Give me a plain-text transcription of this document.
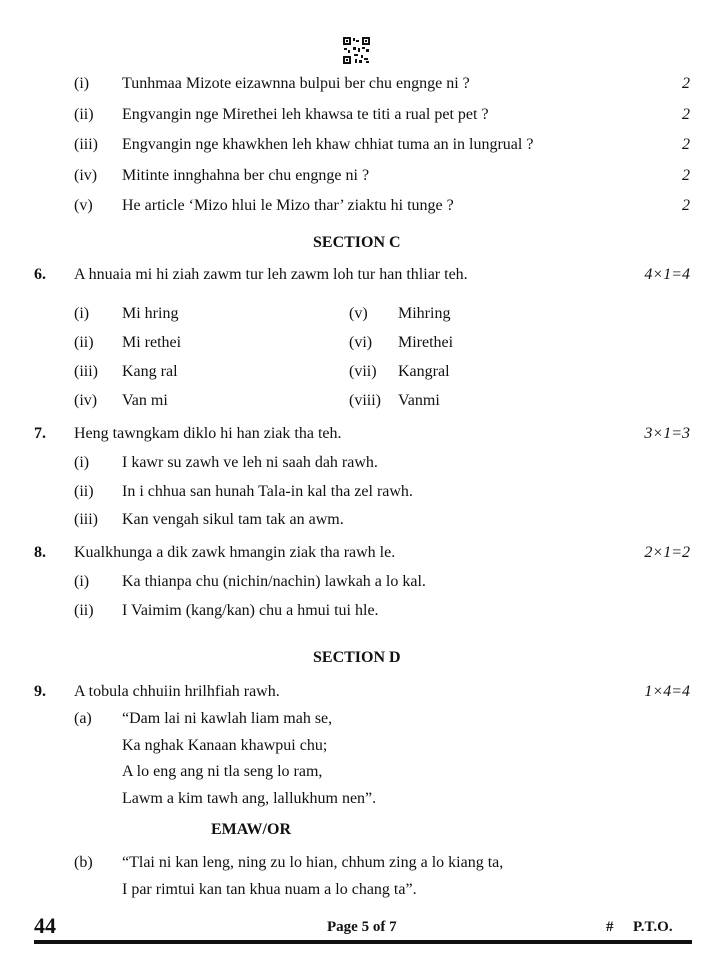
(i) Tunhmaa Mizote eizawnna bulpui ber chu engnge ni ?	2
(ii) Engvangin nge Mirethei leh khawsa te titi a rual pet pet ?	2
(iii) Engvangin nge khawkhen leh khaw chhiat tuma an in lungrual ?	2
(iv) Mitinte innghahna ber chu engnge ni ?	2
(v) He article ‘Mizo hlui le Mizo thar’ ziaktu hi tunge ?	2
SECTION C
6. A hnuaia mi hi ziah zawm tur leh zawm loh tur han thliar teh.	4×1=4
(i) Mi hring	(v) Mihring
(ii) Mi rethei	(vi) Mirethei
(iii) Kang ral	(vii) Kangral
(iv) Van mi	(viii) Vanmi
7. Heng tawngkam diklo hi han ziak tha teh.	3×1=3
(i) I kawr su zawh ve leh ni saah dah rawh.
(ii) In i chhua san hunah Tala-in kal tha zel rawh.
(iii) Kan vengah sikul tam tak an awm.
8. Kualkhunga a dik zawk hmangin ziak tha rawh le.	2×1=2
(i) Ka thianpa chu (nichin/nachin) lawkah a lo kal.
(ii) I Vaimim (kang/kan) chu a hmui tui hle.
SECTION D
9. A tobula chhuiin hrilhfiah rawh.	1×4=4
(a) “Dam lai ni kawlah liam mah se,
Ka nghak Kanaan khawpui chu;
A lo eng ang ni tla seng lo ram,
Lawm a kim tawh ang, lallukhum nen”.
EMAW/OR
(b) “Tlai ni kan leng, ning zu lo hian, chhum zing a lo kiang ta,
I par rimtui kan tan khua nuam a lo chang ta”.
44	Page 5 of 7	# P.T.O.
